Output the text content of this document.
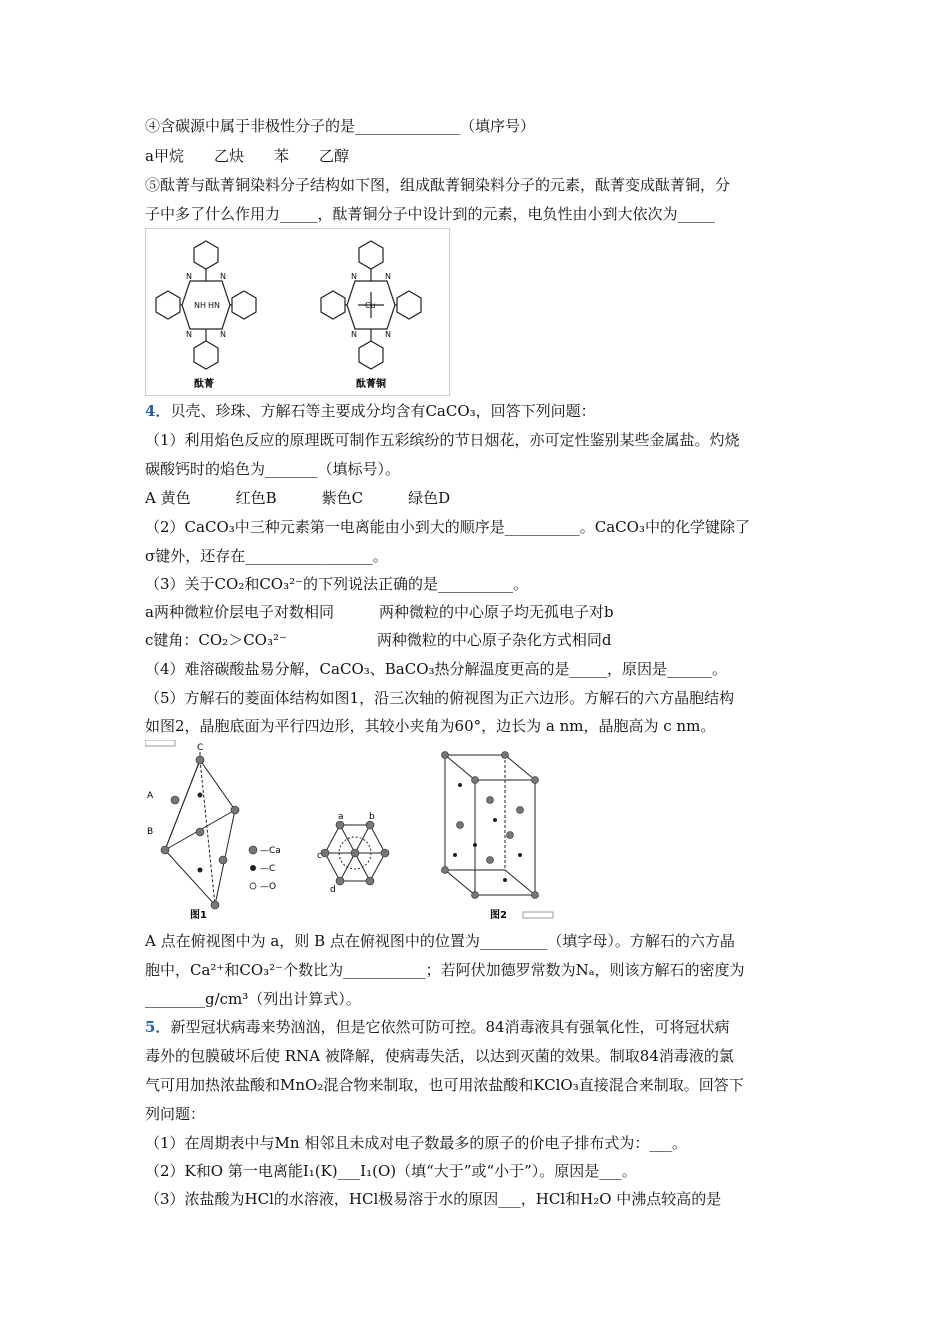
④含碳源中属于非极性分子的是______________（填序号）
a甲烷　　乙炔　　苯　　乙醇
⑤酞菁与酞菁铜染料分子结构如下图，组成酞菁铜染料分子的元素，酞菁变成酞菁铜，分
子中多了什么作用力_____，酞菁铜分子中设计到的元素，电负性由小到大依次为_____
N	N
N	N
NH HN
N	N
N	N
Cu
酞菁	酞菁铜
4．贝壳、珍珠、方解石等主要成分均含有CaCO₃，回答下列问题：
（1）利用焰色反应的原理既可制作五彩缤纷的节日烟花，亦可定性鉴别某些金属盐。灼烧
碳酸钙时的焰色为_______（填标号）。
A 黄色　　　红色B　　　紫色C　　　绿色D
（2）CaCO₃中三种元素第一电离能由小到大的顺序是__________。CaCO₃中的化学键除了
σ键外，还存在_________________。
（3）关于CO₂和CO₃²⁻的下列说法正确的是__________。
a两种微粒价层电子对数相同　　　两种微粒的中心原子均无孤电子对b
c键角：CO₂＞CO₃²⁻　　　　　　两种微粒的中心原子杂化方式相同d
（4）难溶碳酸盐易分解，CaCO₃、BaCO₃热分解温度更高的是_____，原因是______。
（5）方解石的菱面体结构如图1，沿三次轴的俯视图为正六边形。方解石的六方晶胞结构
如图2，晶胞底面为平行四边形，其较小夹角为60°，边长为 a nm，晶胞高为 c nm。
A
B
C
图1
—Ca
—C
—O
a	b
c
d
图2
A 点在俯视图中为 a，则 B 点在俯视图中的位置为_________（填字母）。方解石的六方晶
胞中，Ca²⁺和CO₃²⁻个数比为___________；若阿伏加德罗常数为Nₐ，则该方解石的密度为
________g/cm³（列出计算式）。
5．新型冠状病毒来势汹汹，但是它依然可防可控。84消毒液具有强氧化性，可将冠状病
毒外的包膜破坏后使 RNA 被降解，使病毒失活，以达到灭菌的效果。制取84消毒液的氯
气可用加热浓盐酸和MnO₂混合物来制取，也可用浓盐酸和KClO₃直接混合来制取。回答下
列问题：
（1）在周期表中与Mn 相邻且未成对电子数最多的原子的价电子排布式为：___。
（2）K和O 第一电离能I₁(K)___I₁(O)（填“大于”或“小于”）。原因是___。
（3）浓盐酸为HCl的水溶液，HCl极易溶于水的原因___，HCl和H₂O 中沸点较高的是
